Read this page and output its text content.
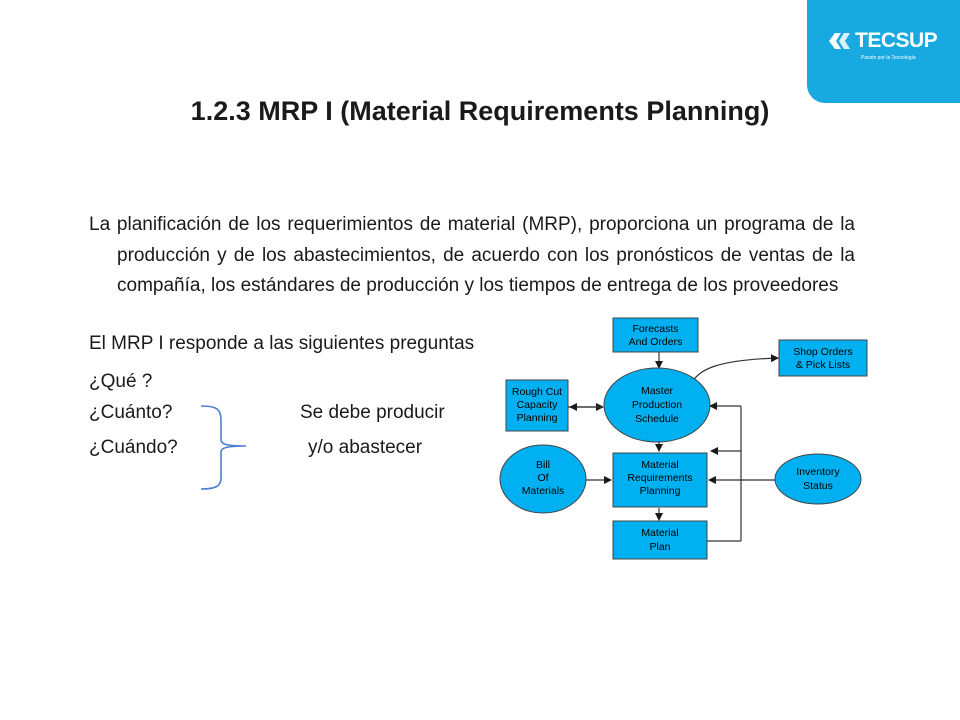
TECSUP
Pasión por la Tecnología
1.2.3 MRP I (Material Requirements Planning)

La planificación de los requerimientos de material (MRP), proporciona un programa de la producción y de los abastecimientos, de acuerdo con los pronósticos de ventas de la compañía, los estándares de producción y los tiempos de entrega de los proveedores

El MRP I responde a las siguientes preguntas
¿Qué ?
¿Cuánto?
¿Cuándo?
Se debe producir
y/o abastecer
Forecasts
And Orders
Shop Orders
& Pick Lists
Rough Cut
Capacity
Planning
Master
Production
Schedule
Bill
Of
Materials
Material
Requirements
Planning
Inventory
Status
Material
Plan
